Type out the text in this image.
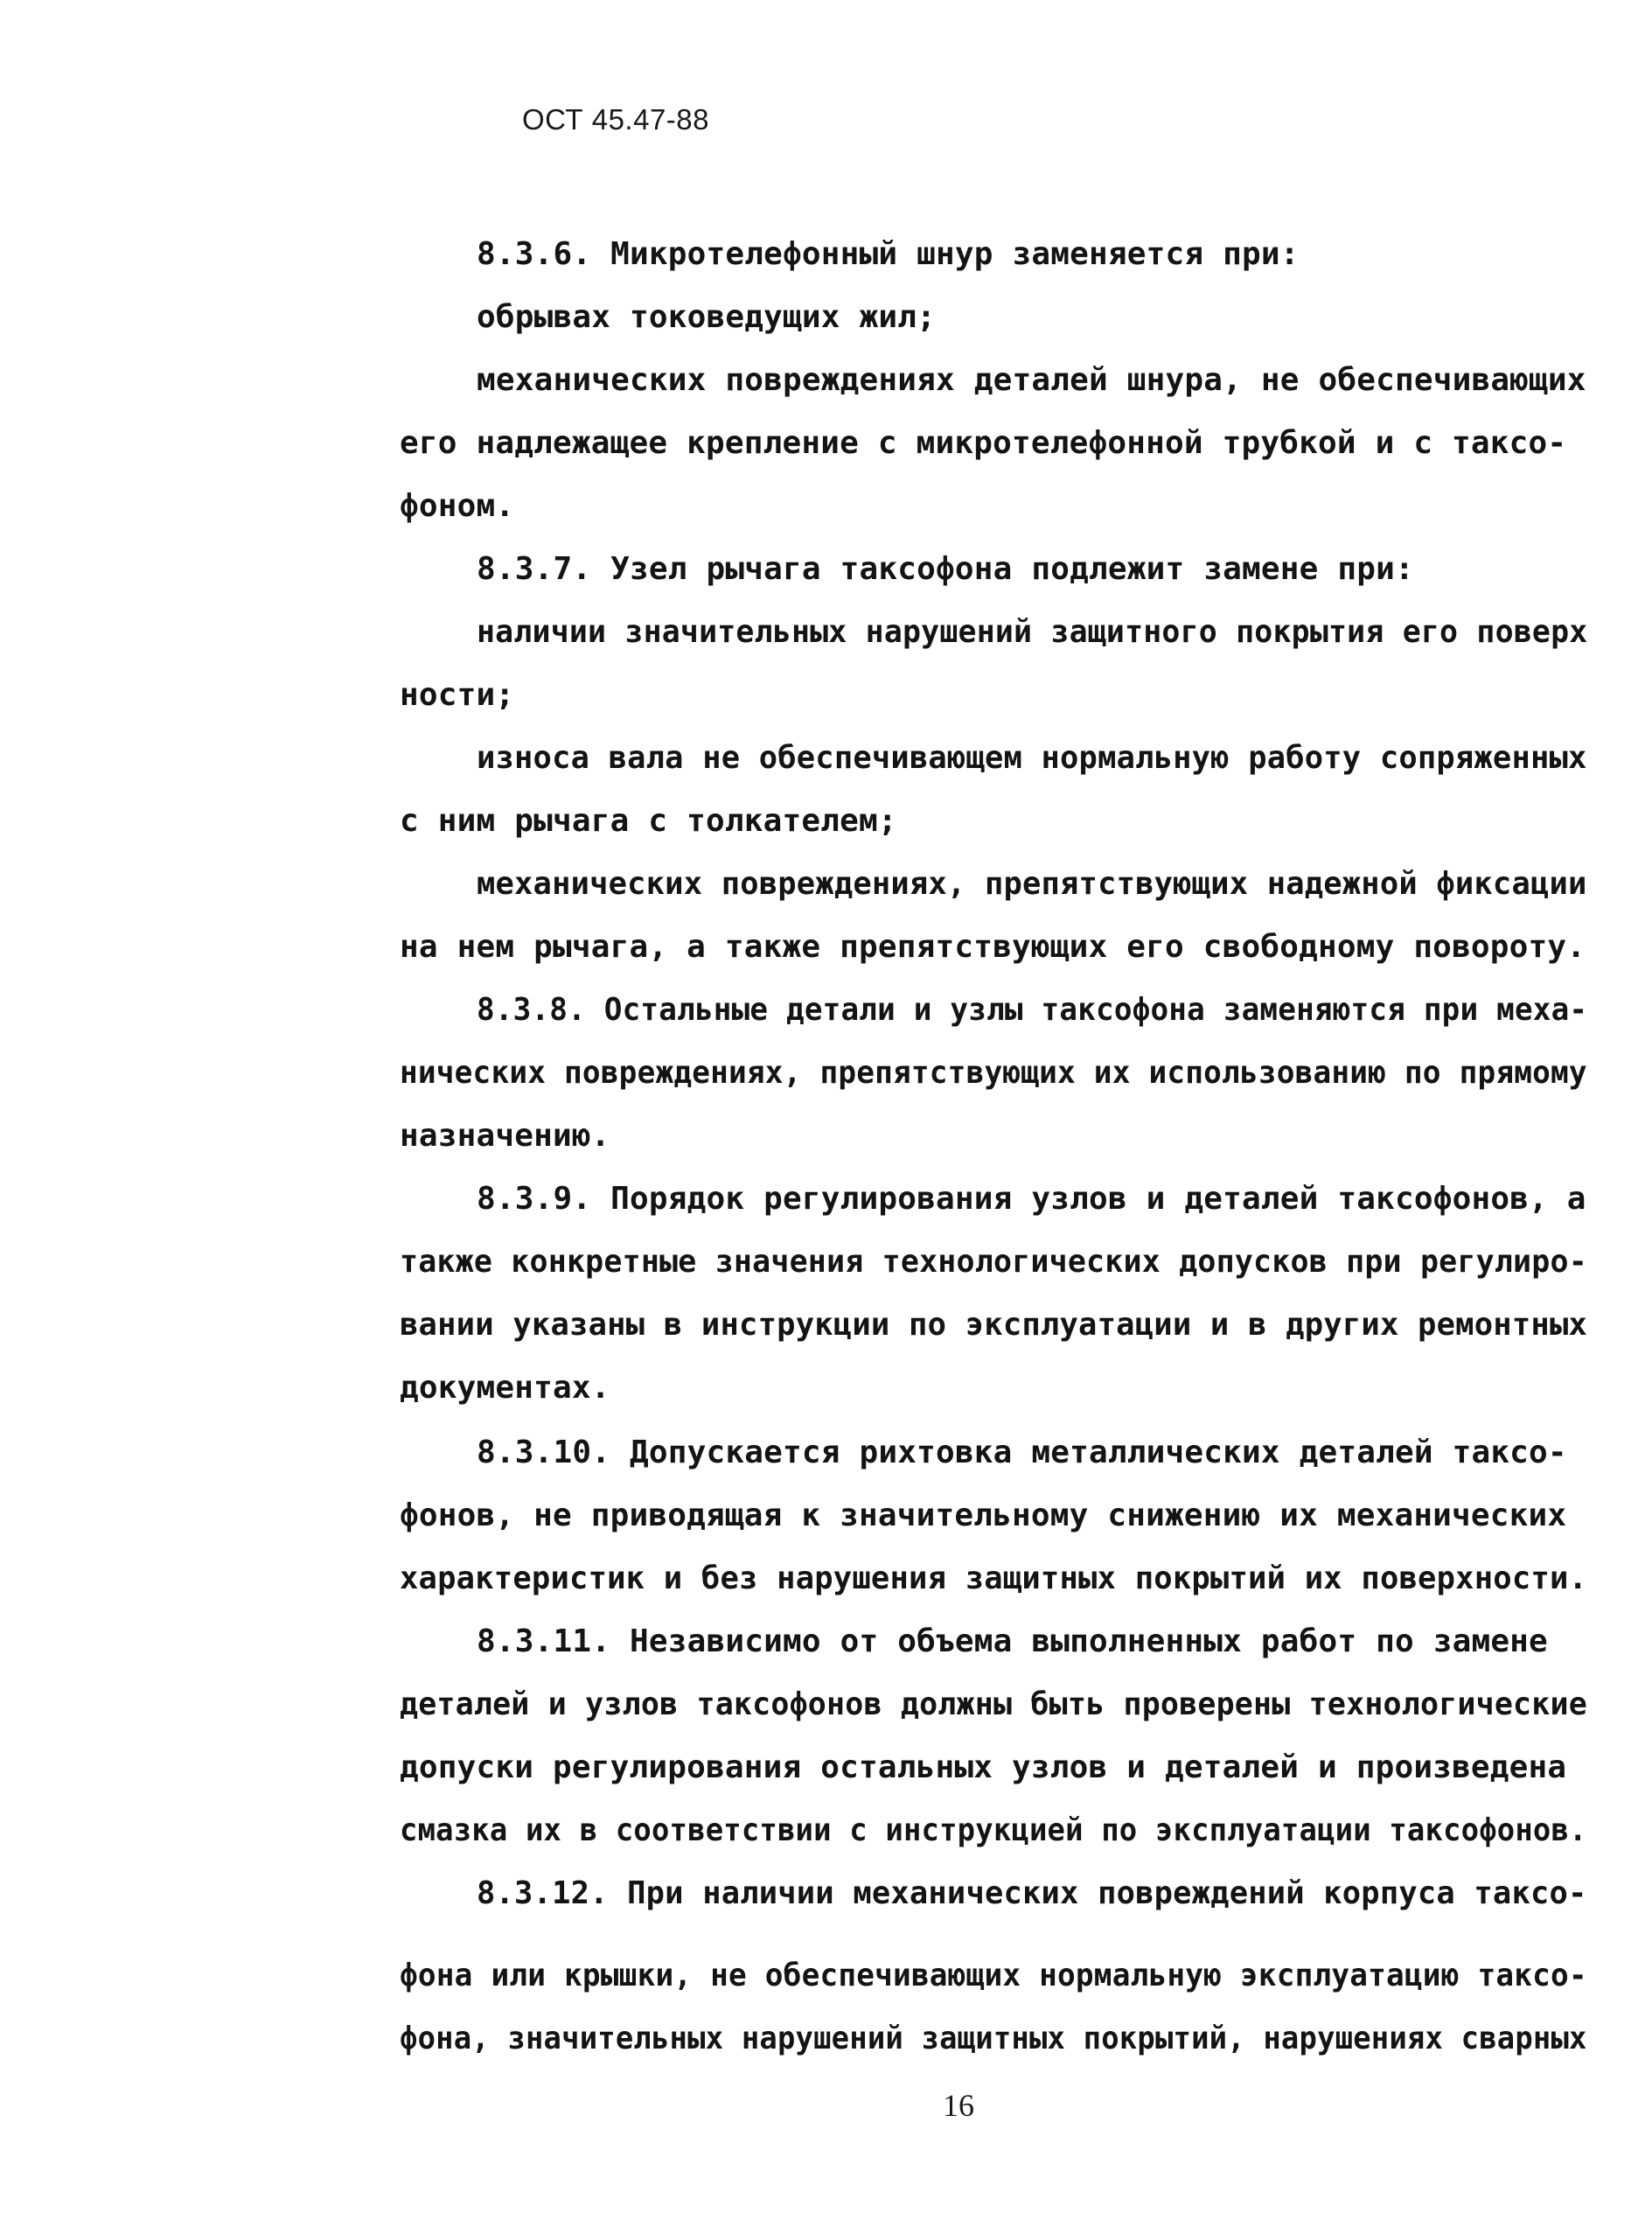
ОСТ 45.47-88
8.3.6. Микротелефонный шнур заменяется при:
обрывах токоведущих жил;
механических повреждениях деталей шнура, не обеспечивающих
его надлежащее крепление с микротелефонной трубкой и с таксо-
фоном.
8.3.7. Узел рычага таксофона подлежит замене при:
наличии значительных нарушений защитного покрытия его поверх
ности;
износа вала не обеспечивающем нормальную работу сопряженных
с ним рычага с толкателем;
механических повреждениях, препятствующих надежной фиксации
на нем рычага, а также препятствующих его свободному повороту.
8.3.8. Остальные детали и узлы таксофона заменяются при меха-
нических повреждениях, препятствующих их использованию по прямому
назначению.
8.3.9. Порядок регулирования узлов и деталей таксофонов, а
также конкретные значения технологических допусков при регулиро-
вании указаны в инструкции по эксплуатации и в других ремонтных
документах.
8.3.10. Допускается рихтовка металлических деталей таксо-
фонов, не приводящая к значительному снижению их механических
характеристик и без нарушения защитных покрытий их поверхности.
8.3.11. Независимо от объема выполненных работ по замене
деталей и узлов таксофонов должны быть проверены технологические
допуски регулирования остальных узлов и деталей и произведена
смазка их в соответствии с инструкцией по эксплуатации таксофонов.
8.3.12. При наличии механических повреждений корпуса таксо-
фона или крышки, не обеспечивающих нормальную эксплуатацию таксо-
фона, значительных нарушений защитных покрытий, нарушениях сварных
16
